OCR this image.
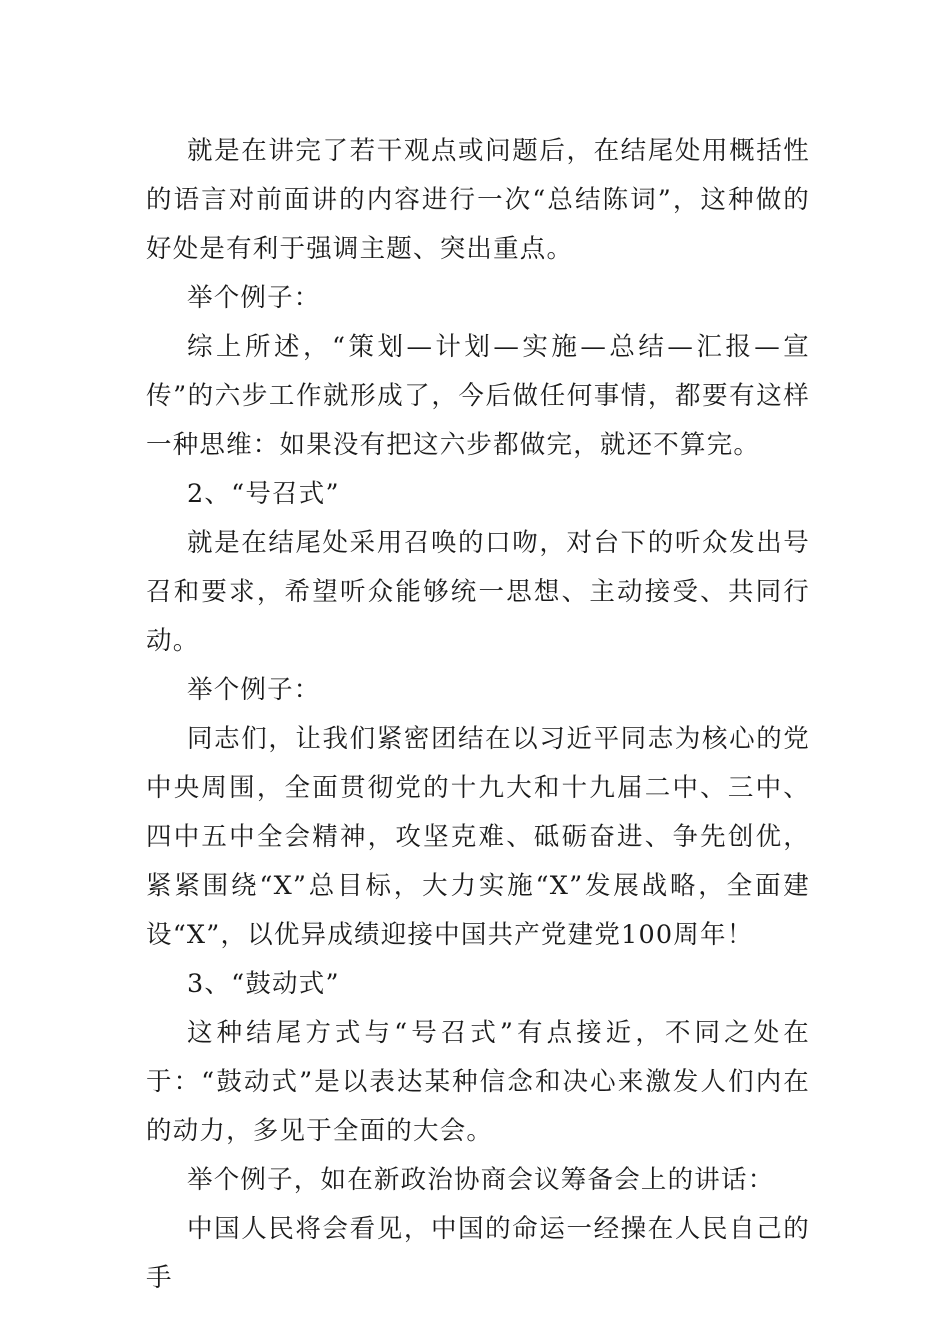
就是在讲完了若干观点或问题后，在结尾处用概括性的语言对前面讲的内容进行一次“总结陈词”，这种做的好处是有利于强调主题、突出重点。

举个例子：

综上所述，“策划—计划—实施—总结—汇报—宣传”的六步工作就形成了，今后做任何事情，都要有这样一种思维：如果没有把这六步都做完，就还不算完。

2、“号召式”

就是在结尾处采用召唤的口吻，对台下的听众发出号召和要求，希望听众能够统一思想、主动接受、共同行动。

举个例子：

同志们，让我们紧密团结在以习近平同志为核心的党中央周围，全面贯彻党的十九大和十九届二中、三中、四中五中全会精神，攻坚克难、砥砺奋进、争先创优，紧紧围绕“X”总目标，大力实施“X”发展战略，全面建设“X”，以优异成绩迎接中国共产党建党100周年！

3、“鼓动式”

这种结尾方式与“号召式”有点接近，不同之处在于：“鼓动式”是以表达某种信念和决心来激发人们内在的动力，多见于全面的大会。

举个例子，如在新政治协商会议筹备会上的讲话：

中国人民将会看见，中国的命运一经操在人民自己的手
